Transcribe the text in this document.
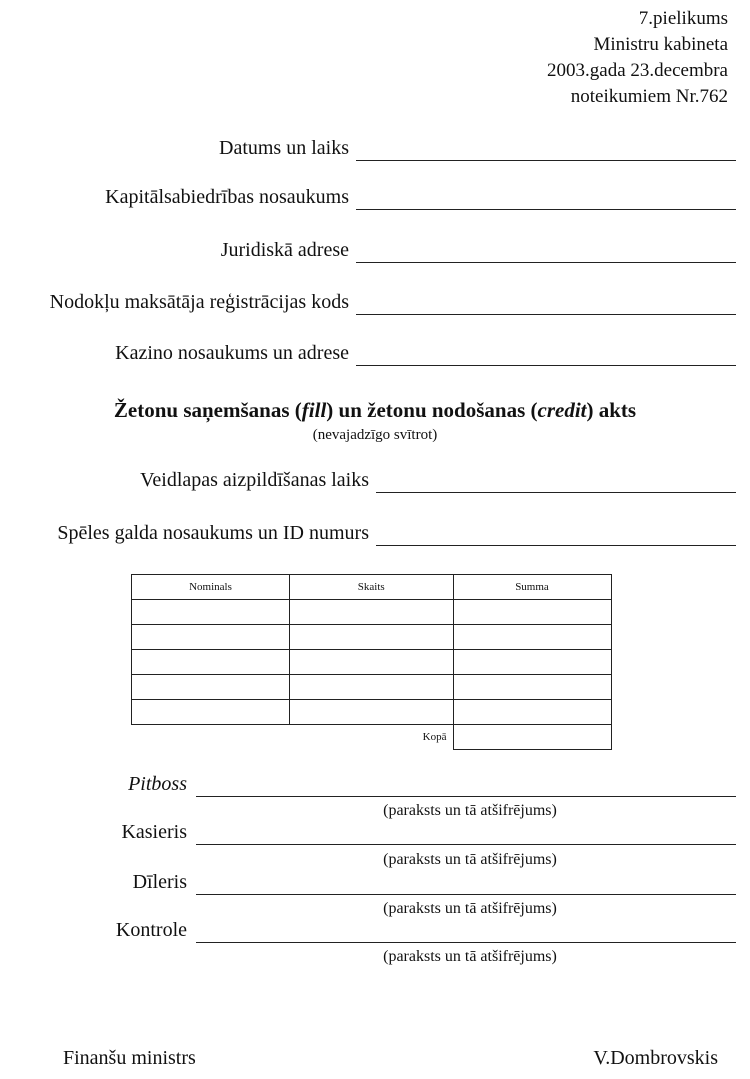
7.pielikums
Ministru kabineta
2003.gada 23.decembra
noteikumiem Nr.762
Datums un laiks
Kapitālsabiedrības nosaukums
Juridiskā adrese
Nodokļu maksātāja reģistrācijas kods
Kazino nosaukums un adrese
Žetonu saņemšanas (fill) un žetonu nodošanas (credit) akts
(nevajadzīgo svītrot)
Veidlapas aizpildīšanas laiks
Spēles galda nosaukums un ID numurs
Nominals	Skaits	Summa

	Kopā	
Pitboss
(paraksts un tā atšifrējums)
Kasieris
(paraksts un tā atšifrējums)
Dīleris
(paraksts un tā atšifrējums)
Kontrole
(paraksts un tā atšifrējums)
Finanšu ministrs	V.Dombrovskis
